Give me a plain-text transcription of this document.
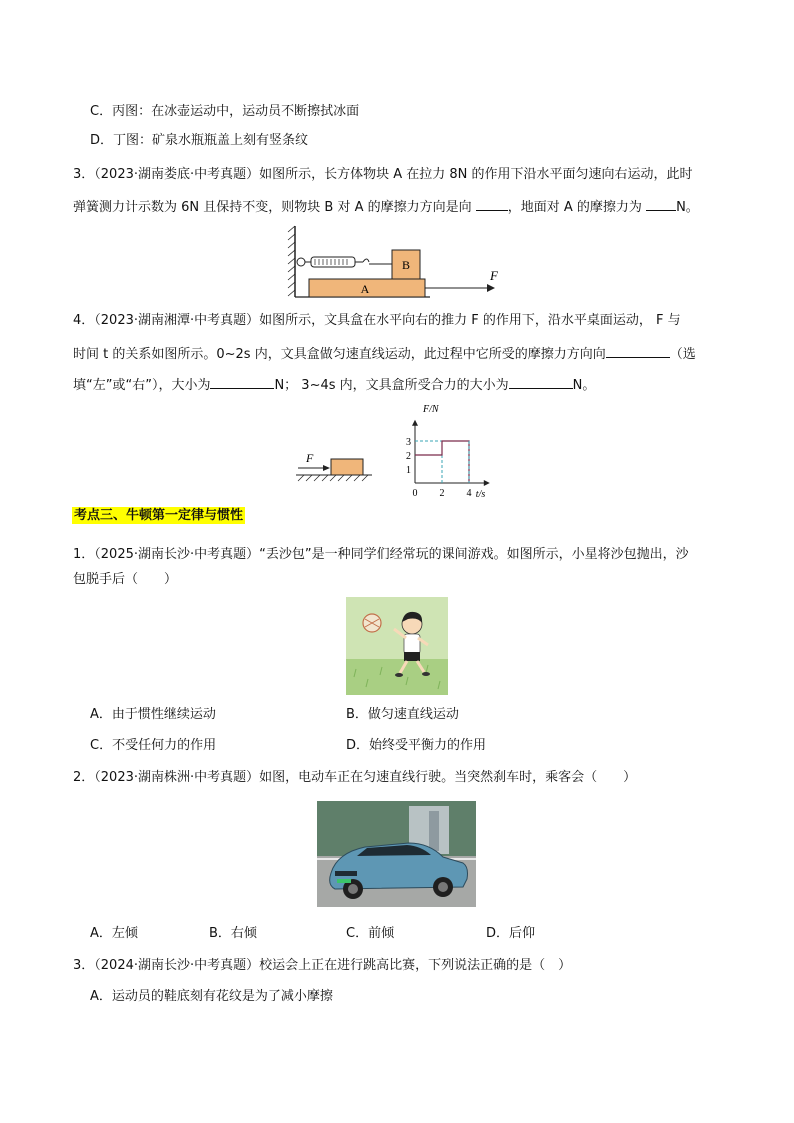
C．丙图：在冰壶运动中，运动员不断擦拭冰面
D．丁图：矿泉水瓶瓶盖上刻有竖条纹
3．（2023·湖南娄底·中考真题）如图所示，长方体物块 A 在拉力 8N 的作用下沿水平面匀速向右运动，此时
弹簧测力计示数为 6N 且保持不变，则物块 B 对 A 的摩擦力方向是向	，地面对 A 的摩擦力为	N。
B
A
F
4．（2023·湖南湘潭·中考真题）如图所示，文具盒在水平向右的推力 F 的作用下，沿水平桌面运动， F 与
时间 t 的关系如图所示。0~2s 内，文具盒做匀速直线运动，此过程中它所受的摩擦力方向向	（选
填“左”或“右”），大小为	N； 3~4s 内，文具盒所受合力的大小为	N。
F
F/N
t/s
1
2
3
0 2 4
考点三、牛顿第一定律与惯性
1．（2025·湖南长沙·中考真题）“丢沙包”是一种同学们经常玩的课间游戏。如图所示，小星将沙包抛出，沙
包脱手后（　　）
A．由于惯性继续运动	B．做匀速直线运动
C．不受任何力的作用	D．始终受平衡力的作用
2．（2023·湖南株洲·中考真题）如图，电动车正在匀速直线行驶。当突然刹车时，乘客会（　　）
A．左倾	B．右倾	C．前倾	D．后仰
3．（2024·湖南长沙·中考真题）校运会上正在进行跳高比赛，下列说法正确的是（　）
A．运动员的鞋底刻有花纹是为了减小摩擦
